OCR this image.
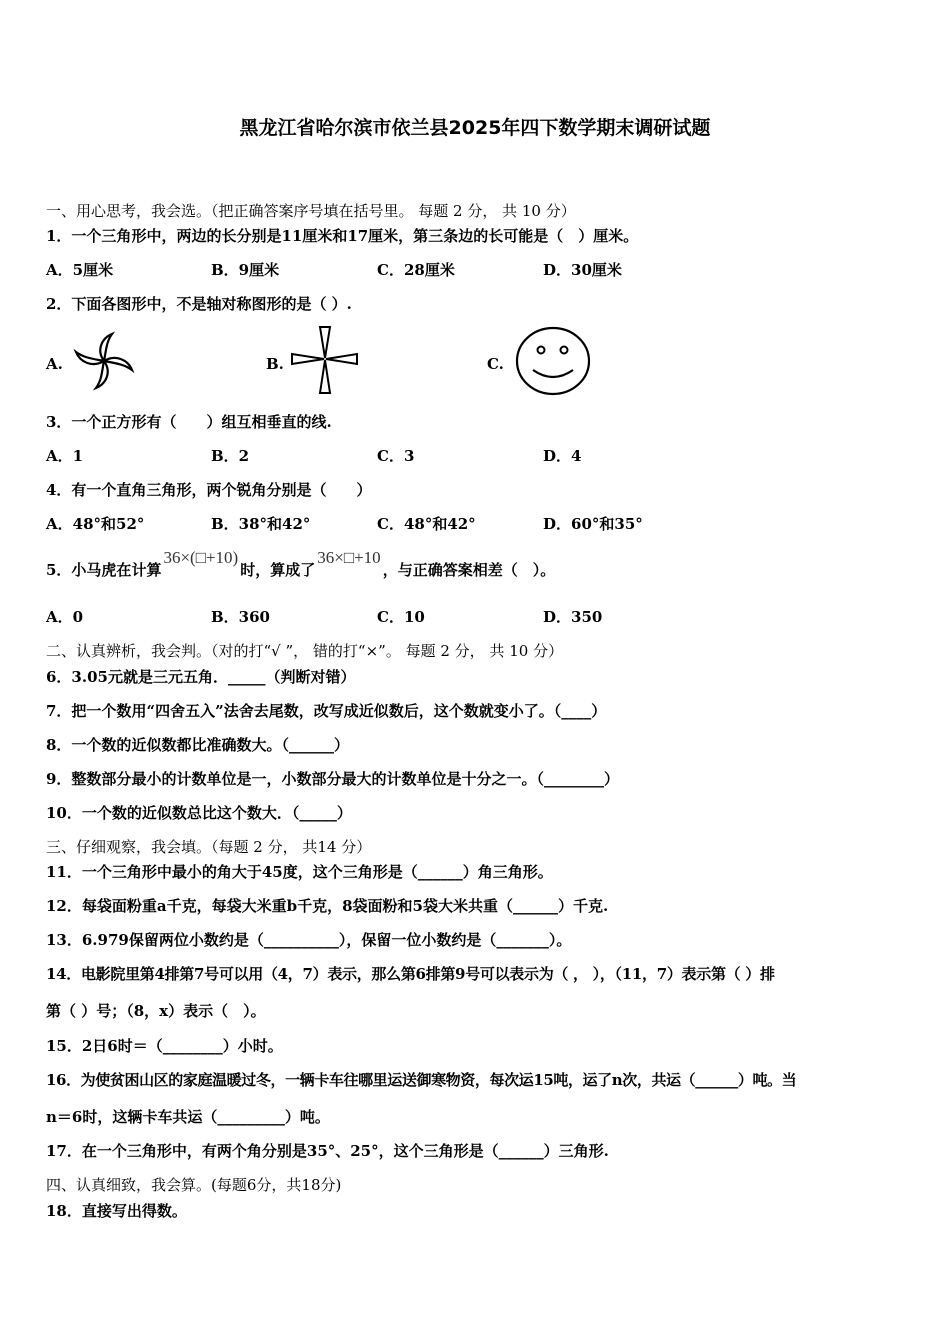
黑龙江省哈尔滨市依兰县2025年四下数学期末调研试题
一、用心思考，我会选。（把正确答案序号填在括号里。 每题 2 分， 共 10 分）
1．一个三角形中，两边的长分别是11厘米和17厘米，第三条边的长可能是（　）厘米。
A．5厘米	B．9厘米	C．28厘米	D．30厘米
2．下面各图形中，不是轴对称图形的是（ ）.
A.	B.	C.
3．一个正方形有（　　）组互相垂直的线.
A．1	B．2	C．3	D．4
4．有一个直角三角形，两个锐角分别是（　　）
A．48°和52°	B．38°和42°	C．48°和42°	D．60°和35°
5．小马虎在计算36×(□+10)时，算成了36×□+10，与正确答案相差（　）。
A．0	B．360	C．10	D．350
二、认真辨析，我会判。（对的打“√ ”， 错的打“×”。 每题 2 分， 共 10 分）
6．3.05元就是三元五角．_____（判断对错）
7．把一个数用“四舍五入”法舍去尾数，改写成近似数后，这个数就变小了。（____）
8．一个数的近似数都比准确数大。（______）
9．整数部分最小的计数单位是一，小数部分最大的计数单位是十分之一。（________）
10．一个数的近似数总比这个数大．（_____）
三、仔细观察，我会填。（每题 2 分， 共14 分）
11．一个三角形中最小的角大于45度，这个三角形是（______）角三角形。
12．每袋面粉重a千克，每袋大米重b千克，8袋面粉和5袋大米共重（______）千克.
13．6.979保留两位小数约是（__________），保留一位小数约是（_______）。
14．电影院里第4排第7号可以用（4，7）表示，那么第6排第9号可以表示为（ ， ），（11，7）表示第（ ）排
第（ ）号；（8，x）表示（　）。
15．2日6时＝（________）小时。
16．为使贫困山区的家庭温暖过冬，一辆卡车往哪里运送御寒物资，每次运15吨，运了n次，共运（______）吨。当
n＝6时，这辆卡车共运（_________）吨。
17．在一个三角形中，有两个角分别是35°、25°，这个三角形是（______）三角形.
四、认真细致，我会算。(每题6分，共18分)
18．直接写出得数。
